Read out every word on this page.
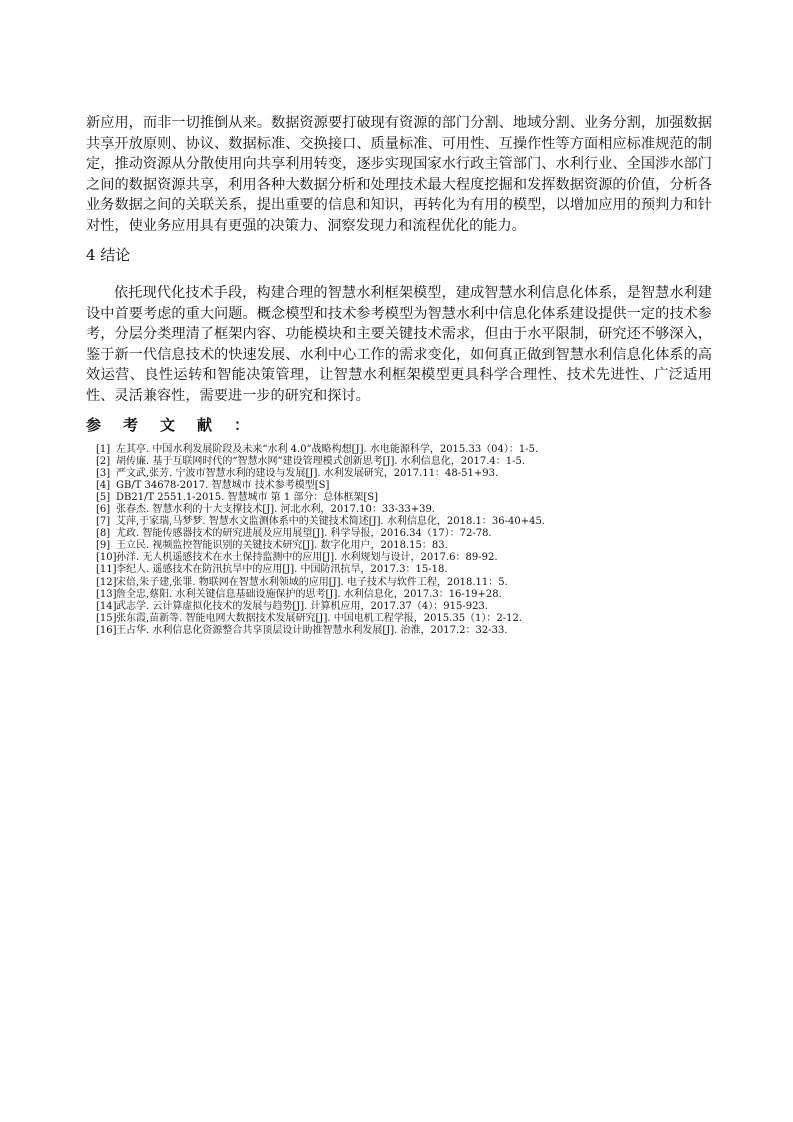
新应用，而非一切推倒从来。数据资源要打破现有资源的部门分割、地域分割、业务分割，加强数据共享开放原则、协议、数据标准、交换接口、质量标准、可用性、互操作性等方面相应标准规范的制定，推动资源从分散使用向共享利用转变，逐步实现国家水行政主管部门、水利行业、全国涉水部门之间的数据资源共享，利用各种大数据分析和处理技术最大程度挖掘和发挥数据资源的价值，分析各业务数据之间的关联关系，提出重要的信息和知识，再转化为有用的模型，以增加应用的预判力和针对性，使业务应用具有更强的决策力、洞察发现力和流程优化的能力。

4 结论

依托现代化技术手段，构建合理的智慧水利框架模型，建成智慧水利信息化体系，是智慧水利建设中首要考虑的重大问题。概念模型和技术参考模型为智慧水利中信息化体系建设提供一定的技术参考，分层分类理清了框架内容、功能模块和主要关键技术需求，但由于水平限制，研究还不够深入，鉴于新一代信息技术的快速发展、水利中心工作的需求变化，如何真正做到智慧水利信息化体系的高效运营、良性运转和智能决策管理，让智慧水利框架模型更具科学合理性、技术先进性、广泛适用性、灵活兼容性，需要进一步的研究和探讨。

参考文献：
[1] 左其亭. 中国水利发展阶段及未来“水利 4.0”战略构想[J]. 水电能源科学，2015.33（04）：1-5.
[2] 胡传廉. 基于互联网时代的“智慧水网”建设管理模式创新思考[J]. 水利信息化，2017.4：1-5.
[3] 严文武,张芳. 宁波市智慧水利的建设与发展[J]. 水利发展研究，2017.11：48-51+93.
[4] GB/T 34678-2017. 智慧城市 技术参考模型[S]
[5] DB21/T 2551.1-2015. 智慧城市 第 1 部分：总体框架[S]
[6] 张春杰. 智慧水利的十大支撑技术[J]. 河北水利，2017.10：33-33+39.
[7] 艾萍,于家瑞,马梦梦. 智慧水文监测体系中的关键技术简述[J]. 水利信息化，2018.1：36-40+45.
[8] 尤政. 智能传感器技术的研究进展及应用展望[J]. 科学导报，2016.34（17）：72-78.
[9] 王立民. 视频监控智能识别的关键技术研究[J]. 数字化用户，2018.15：83.
[10]孙洋. 无人机遥感技术在水土保持监测中的应用[J]. 水利规划与设计，2017.6：89-92.
[11]李纪人. 遥感技术在防汛抗旱中的应用[J]. 中国防汛抗旱，2017.3：15-18.
[12]宋倍,朱子建,张罪. 物联网在智慧水利领域的应用[J]. 电子技术与软件工程，2018.11：5.
[13]詹全忠,蔡阳. 水利关键信息基础设施保护的思考[J]. 水利信息化，2017.3：16-19+28.
[14]武志学. 云计算虚拟化技术的发展与趋势[J]. 计算机应用，2017.37（4）：915-923.
[15]张东霞,苗新等. 智能电网大数据技术发展研究[J]. 中国电机工程学报，2015.35（1）：2-12.
[16]王占华. 水利信息化资源整合共享顶层设计助推智慧水利发展[J]. 治淮，2017.2：32-33.
